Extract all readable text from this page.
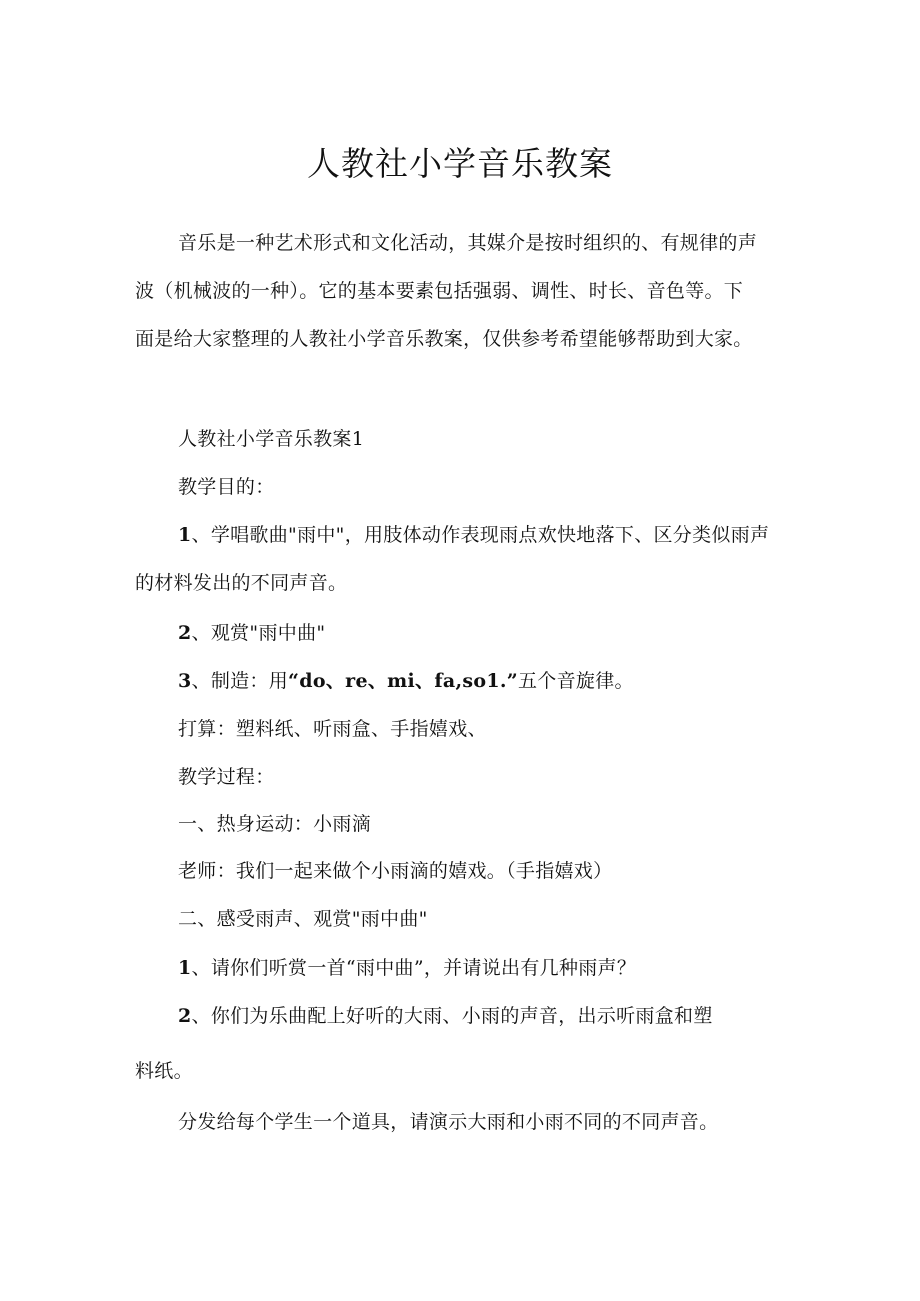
人教社小学音乐教案
音乐是一种艺术形式和文化活动，其媒介是按时组织的、有规律的声
波（机械波的一种）。它的基本要素包括强弱、调性、时长、音色等。下
面是给大家整理的人教社小学音乐教案，仅供参考希望能够帮助到大家。
人教社小学音乐教案1
教学目的：
1、学唱歌曲"雨中"，用肢体动作表现雨点欢快地落下、区分类似雨声
的材料发出的不同声音。
2、观赏"雨中曲"
3、制造：用“do、re、mi、fa,so1.”五个音旋律。
打算：塑料纸、听雨盒、手指嬉戏、
教学过程：
一、热身运动：小雨滴
老师：我们一起来做个小雨滴的嬉戏。（手指嬉戏）
二、感受雨声、观赏"雨中曲"
1、请你们听赏一首“雨中曲”，并请说出有几种雨声？
2、你们为乐曲配上好听的大雨、小雨的声音，出示听雨盒和塑
料纸。
分发给每个学生一个道具，请演示大雨和小雨不同的不同声音。
